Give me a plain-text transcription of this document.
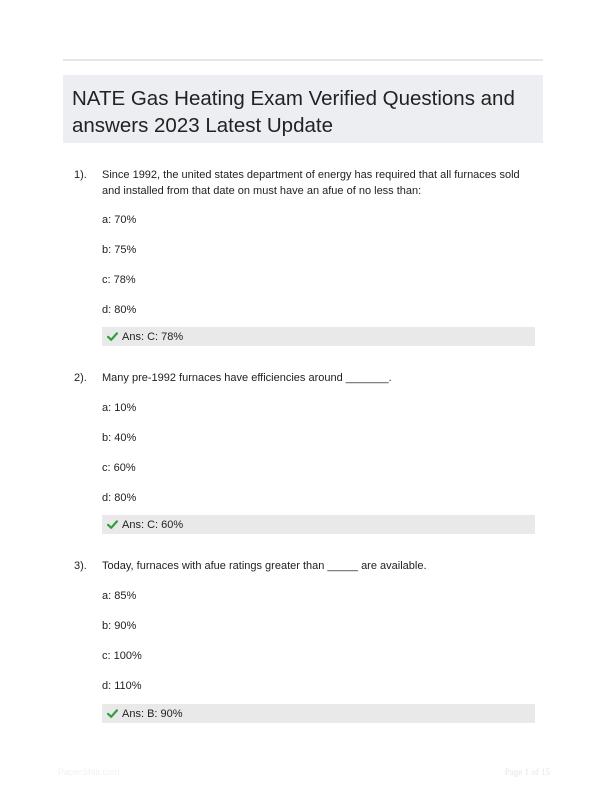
NATE Gas Heating Exam Verified Questions and answers 2023 Latest Update
1). Since 1992, the united states department of energy has required that all furnaces sold and installed from that date on must have an afue of no less than:
a: 70%
b: 75%
c: 78%
d: 80%
Ans: C: 78%
2). Many pre-1992 furnaces have efficiencies around _______.
a: 10%
b: 40%
c: 60%
d: 80%
Ans: C: 60%
3). Today, furnaces with afue ratings greater than _____ are available.
a: 85%
b: 90%
c: 100%
d: 110%
Ans: B: 90%
PaperSfair.com	Page 1 of 15
